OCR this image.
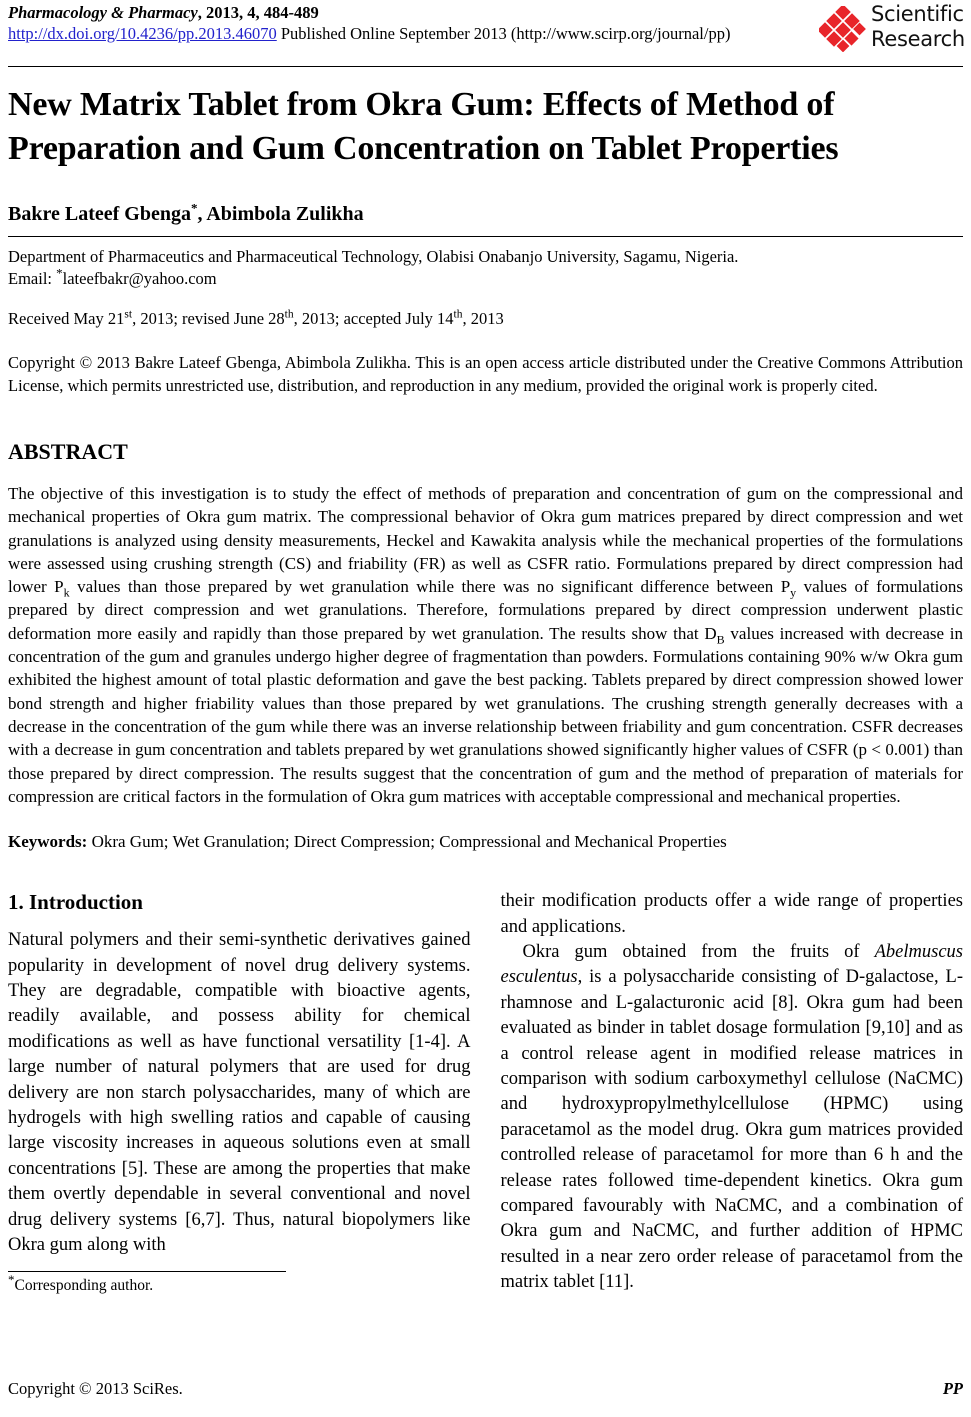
Pharmacology & Pharmacy, 2013, 4, 484-489
http://dx.doi.org/10.4236/pp.2013.46070 Published Online September 2013 (http://www.scirp.org/journal/pp)
Scientific
Research
New Matrix Tablet from Okra Gum: Effects of Method of Preparation and Gum Concentration on Tablet Properties
Bakre Lateef Gbenga*, Abimbola Zulikha
Department of Pharmaceutics and Pharmaceutical Technology, Olabisi Onabanjo University, Sagamu, Nigeria.
Email: *lateefbakr@yahoo.com
Received May 21st, 2013; revised June 28th, 2013; accepted July 14th, 2013
Copyright © 2013 Bakre Lateef Gbenga, Abimbola Zulikha. This is an open access article distributed under the Creative Commons Attribution License, which permits unrestricted use, distribution, and reproduction in any medium, provided the original work is properly cited.
ABSTRACT
The objective of this investigation is to study the effect of methods of preparation and concentration of gum on the compressional and mechanical properties of Okra gum matrix. The compressional behavior of Okra gum matrices prepared by direct compression and wet granulations is analyzed using density measurements, Heckel and Kawakita analysis while the mechanical properties of the formulations were assessed using crushing strength (CS) and friability (FR) as well as CSFR ratio. Formulations prepared by direct compression had lower $P_k$ values than those prepared by wet granulation while there was no significant difference between $P_y$ values of formulations prepared by direct compression and wet granulations. Therefore, formulations prepared by direct compression underwent plastic deformation more easily and rapidly than those prepared by wet granulation. The results show that $D_B$ values increased with decrease in concentration of the gum and granules undergo higher degree of fragmentation than powders. Formulations containing 90% w/w Okra gum exhibited the highest amount of total plastic deformation and gave the best packing. Tablets prepared by direct compression showed lower bond strength and higher friability values than those prepared by wet granulations. The crushing strength generally decreases with a decrease in the concentration of the gum while there was an inverse relationship between friability and gum concentration. CSFR decreases with a decrease in gum concentration and tablets prepared by wet granulations showed significantly higher values of CSFR (p < 0.001) than those prepared by direct compression. The results suggest that the concentration of gum and the method of preparation of materials for compression are critical factors in the formulation of Okra gum matrices with acceptable compressional and mechanical properties.
Keywords: Okra Gum; Wet Granulation; Direct Compression; Compressional and Mechanical Properties
1. Introduction

Natural polymers and their semi-synthetic derivatives gained popularity in development of novel drug delivery systems. They are degradable, compatible with bioactive agents, readily available, and possess ability for chemical modifications as well as have functional versatility [1-4]. A large number of natural polymers that are used for drug delivery are non starch polysaccharides, many of which are hydrogels with high swelling ratios and capable of causing large viscosity increases in aqueous solutions even at small concentrations [5]. These are among the properties that make them overtly dependable in several conventional and novel drug delivery systems [6,7]. Thus, natural biopolymers like Okra gum along with

*Corresponding author.

their modification products offer a wide range of properties and applications.

Okra gum obtained from the fruits of Abelmuscus esculentus, is a polysaccharide consisting of D-galactose, L-rhamnose and L-galacturonic acid [8]. Okra gum had been evaluated as binder in tablet dosage formulation [9,10] and as a control release agent in modified release matrices in comparison with sodium carboxymethyl cellulose (NaCMC) and hydroxypropylmethylcellulose (HPMC) using paracetamol as the model drug. Okra gum matrices provided controlled release of paracetamol for more than 6 h and the release rates followed time-dependent kinetics. Okra gum compared favourably with NaCMC, and a combination of Okra gum and NaCMC, and further addition of HPMC resulted in a near zero order release of paracetamol from the matrix tablet [11].

Copyright © 2013 SciRes.	PP
